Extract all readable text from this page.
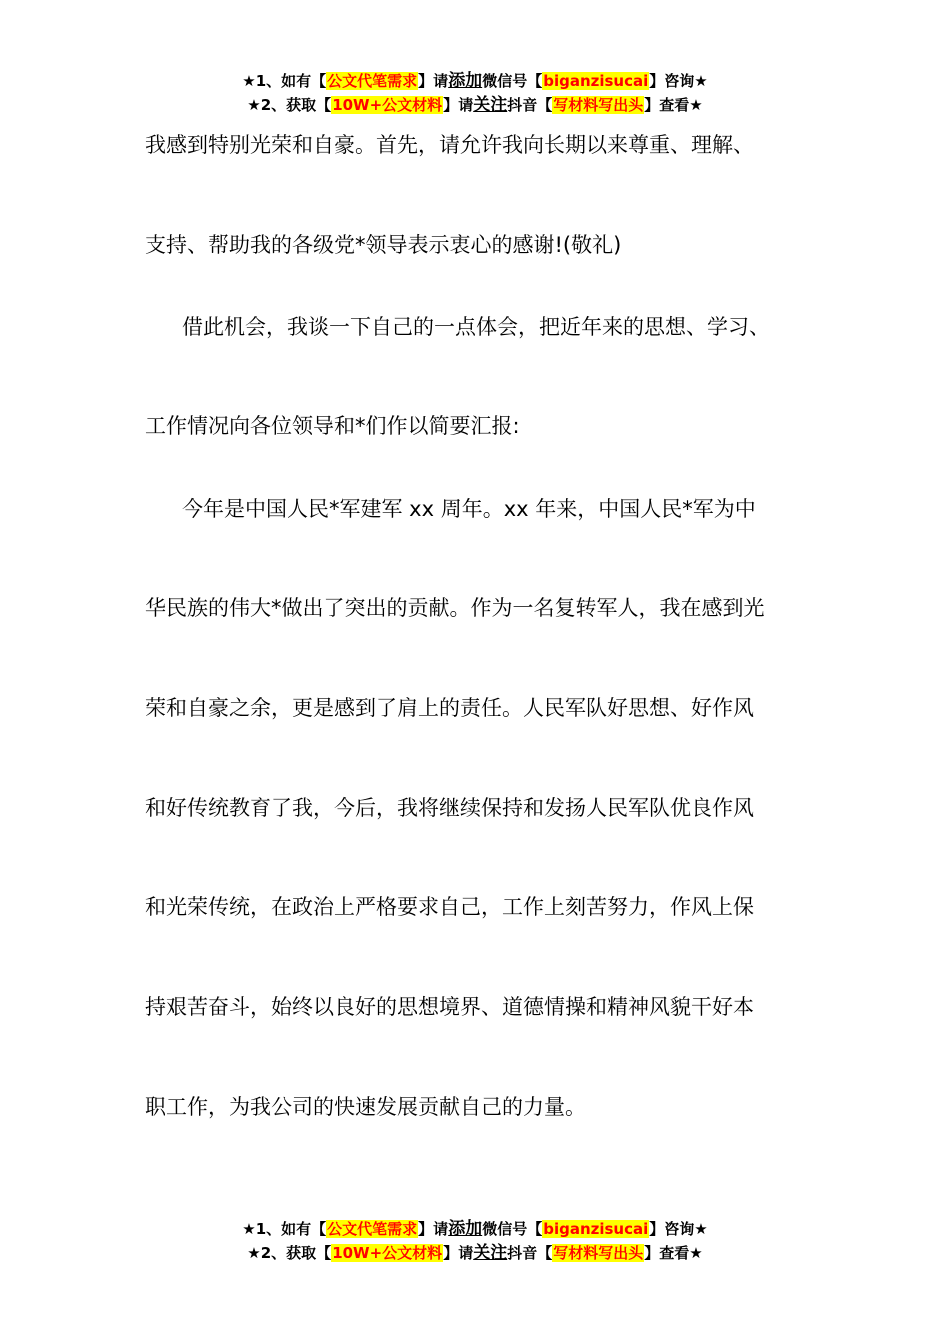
★1、如有【公文代笔需求】请添加微信号【biganzisucai】咨询★
★2、获取【10W+公文材料】请关注抖音【写材料写出头】查看★
我感到特别光荣和自豪。首先，请允许我向长期以来尊重、理解、
支持、帮助我的各级党*领导表示衷心的感谢!(敬礼)
借此机会，我谈一下自己的一点体会，把近年来的思想、学习、
工作情况向各位领导和*们作以简要汇报:
今年是中国人民*军建军 xx 周年。xx 年来，中国人民*军为中
华民族的伟大*做出了突出的贡献。作为一名复转军人，我在感到光
荣和自豪之余，更是感到了肩上的责任。人民军队好思想、好作风
和好传统教育了我，今后，我将继续保持和发扬人民军队优良作风
和光荣传统，在政治上严格要求自己，工作上刻苦努力，作风上保
持艰苦奋斗，始终以良好的思想境界、道德情操和精神风貌干好本
职工作，为我公司的快速发展贡献自己的力量。
★1、如有【公文代笔需求】请添加微信号【biganzisucai】咨询★
★2、获取【10W+公文材料】请关注抖音【写材料写出头】查看★
